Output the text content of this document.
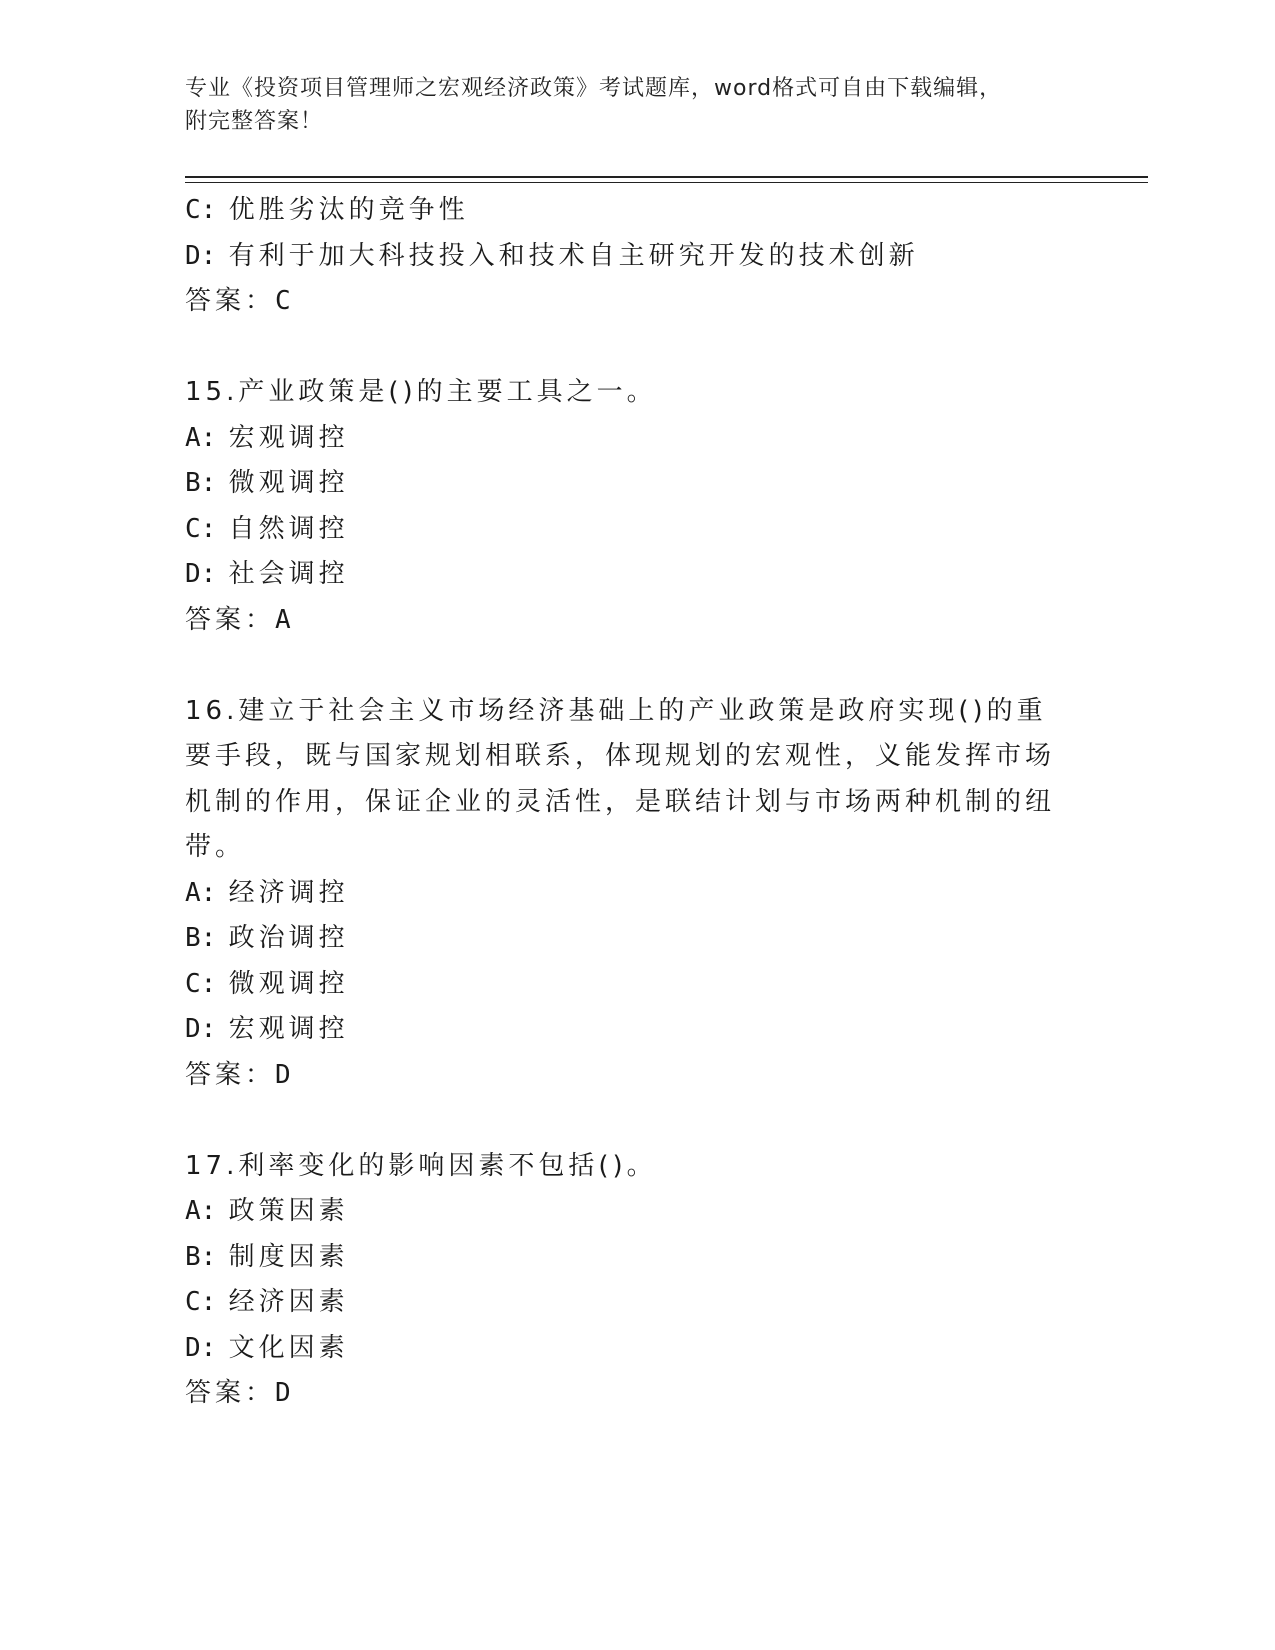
专业《投资项目管理师之宏观经济政策》考试题库，word格式可自由下载编辑，
附完整答案！
C: 优胜劣汰的竞争性
D: 有利于加大科技投入和技术自主研究开发的技术创新
答案：C
15.产业政策是()的主要工具之一。
A: 宏观调控
B: 微观调控
C: 自然调控
D: 社会调控
答案：A
16.建立于社会主义市场经济基础上的产业政策是政府实现()的重要手段，既与国家规划相联系，体现规划的宏观性，义能发挥市场机制的作用，保证企业的灵活性，是联结计划与市场两种机制的纽带。
A: 经济调控
B: 政治调控
C: 微观调控
D: 宏观调控
答案：D
17.利率变化的影响因素不包括()。
A: 政策因素
B: 制度因素
C: 经济因素
D: 文化因素
答案：D
